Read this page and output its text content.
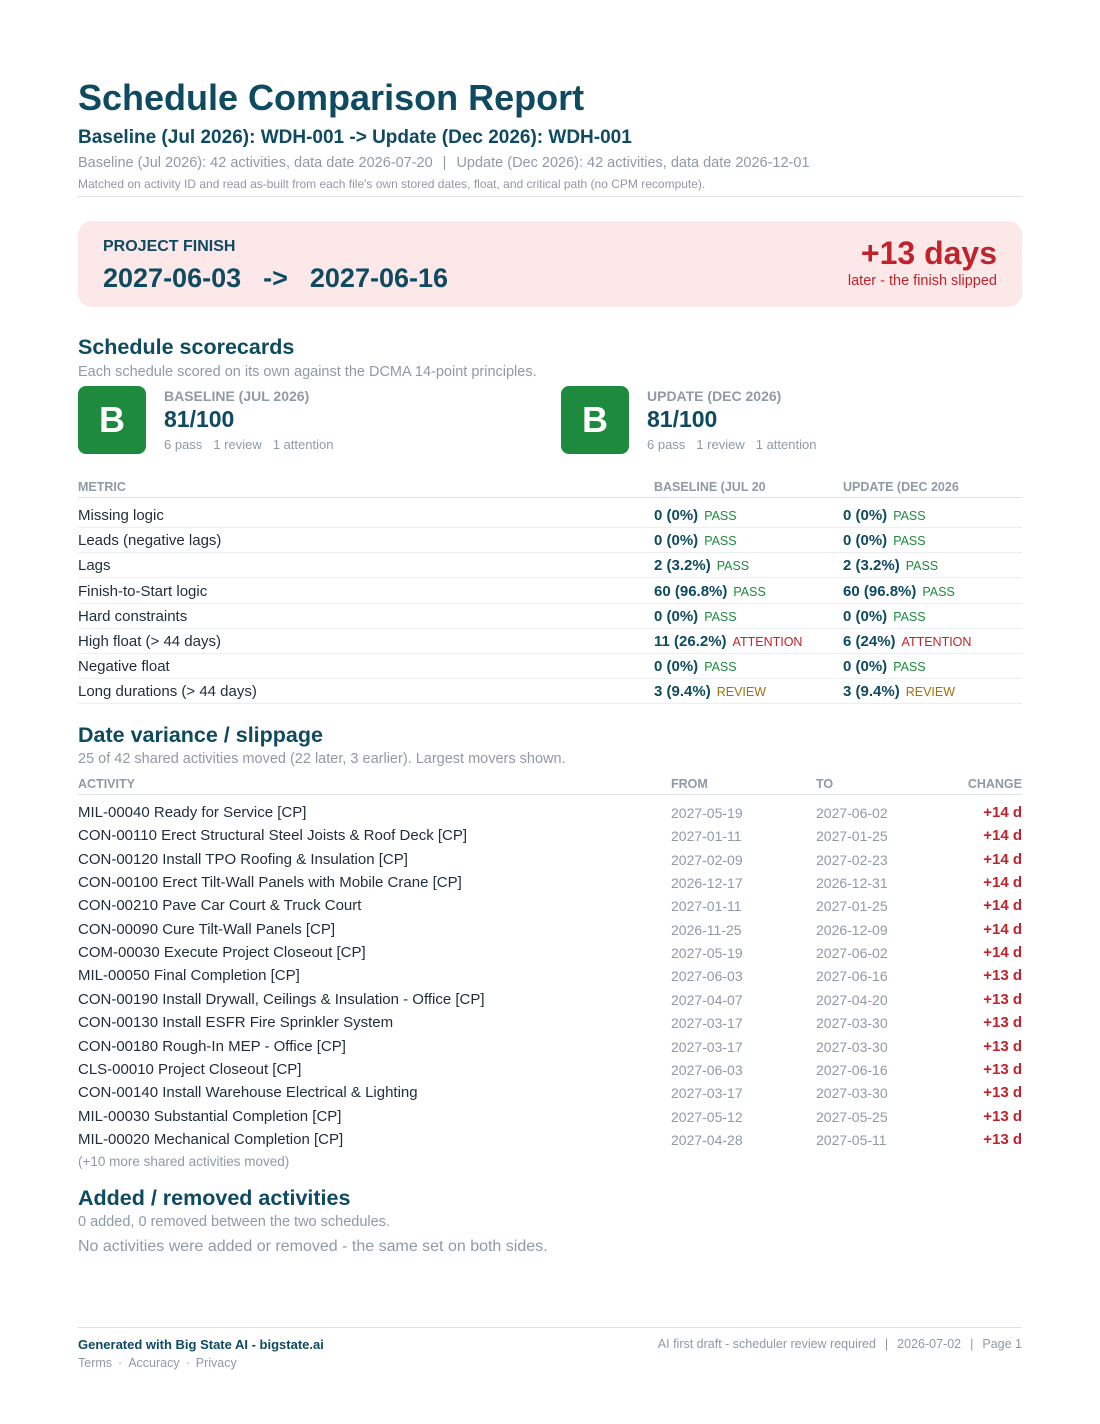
Schedule Comparison Report
Baseline (Jul 2026): WDH-001 -> Update (Dec 2026): WDH-001
Baseline (Jul 2026): 42 activities, data date 2026-07-20 | Update (Dec 2026): 42 activities, data date 2026-12-01
Matched on activity ID and read as-built from each file's own stored dates, float, and critical path (no CPM recompute).
PROJECT FINISH
2027-06-03 -> 2027-06-16
+13 days
later - the finish slipped
Schedule scorecards
Each schedule scored on its own against the DCMA 14-point principles.
B
BASELINE (JUL 2026)
81/100
6 pass 1 review 1 attention
B
UPDATE (DEC 2026)
81/100
6 pass 1 review 1 attention
METRIC	BASELINE (JUL 20	UPDATE (DEC 2026
Missing logic	0 (0%) PASS	0 (0%) PASS
Leads (negative lags)	0 (0%) PASS	0 (0%) PASS
Lags	2 (3.2%) PASS	2 (3.2%) PASS
Finish-to-Start logic	60 (96.8%) PASS	60 (96.8%) PASS
Hard constraints	0 (0%) PASS	0 (0%) PASS
High float (> 44 days)	11 (26.2%) ATTENTION	6 (24%) ATTENTION
Negative float	0 (0%) PASS	0 (0%) PASS
Long durations (> 44 days)	3 (9.4%) REVIEW	3 (9.4%) REVIEW
Date variance / slippage
25 of 42 shared activities moved (22 later, 3 earlier). Largest movers shown.
ACTIVITY	FROM	TO	CHANGE
MIL-00040 Ready for Service [CP]	2027-05-19	2027-06-02	+14 d
CON-00110 Erect Structural Steel Joists & Roof Deck [CP]	2027-01-11	2027-01-25	+14 d
CON-00120 Install TPO Roofing & Insulation [CP]	2027-02-09	2027-02-23	+14 d
CON-00100 Erect Tilt-Wall Panels with Mobile Crane [CP]	2026-12-17	2026-12-31	+14 d
CON-00210 Pave Car Court & Truck Court	2027-01-11	2027-01-25	+14 d
CON-00090 Cure Tilt-Wall Panels [CP]	2026-11-25	2026-12-09	+14 d
COM-00030 Execute Project Closeout [CP]	2027-05-19	2027-06-02	+14 d
MIL-00050 Final Completion [CP]	2027-06-03	2027-06-16	+13 d
CON-00190 Install Drywall, Ceilings & Insulation - Office [CP]	2027-04-07	2027-04-20	+13 d
CON-00130 Install ESFR Fire Sprinkler System	2027-03-17	2027-03-30	+13 d
CON-00180 Rough-In MEP - Office [CP]	2027-03-17	2027-03-30	+13 d
CLS-00010 Project Closeout [CP]	2027-06-03	2027-06-16	+13 d
CON-00140 Install Warehouse Electrical & Lighting	2027-03-17	2027-03-30	+13 d
MIL-00030 Substantial Completion [CP]	2027-05-12	2027-05-25	+13 d
MIL-00020 Mechanical Completion [CP]	2027-04-28	2027-05-11	+13 d
(+10 more shared activities moved)
Added / removed activities
0 added, 0 removed between the two schedules.
No activities were added or removed - the same set on both sides.
Generated with Big State AI - bigstate.ai
Terms · Accuracy · Privacy
AI first draft - scheduler review required | 2026-07-02 | Page 1
